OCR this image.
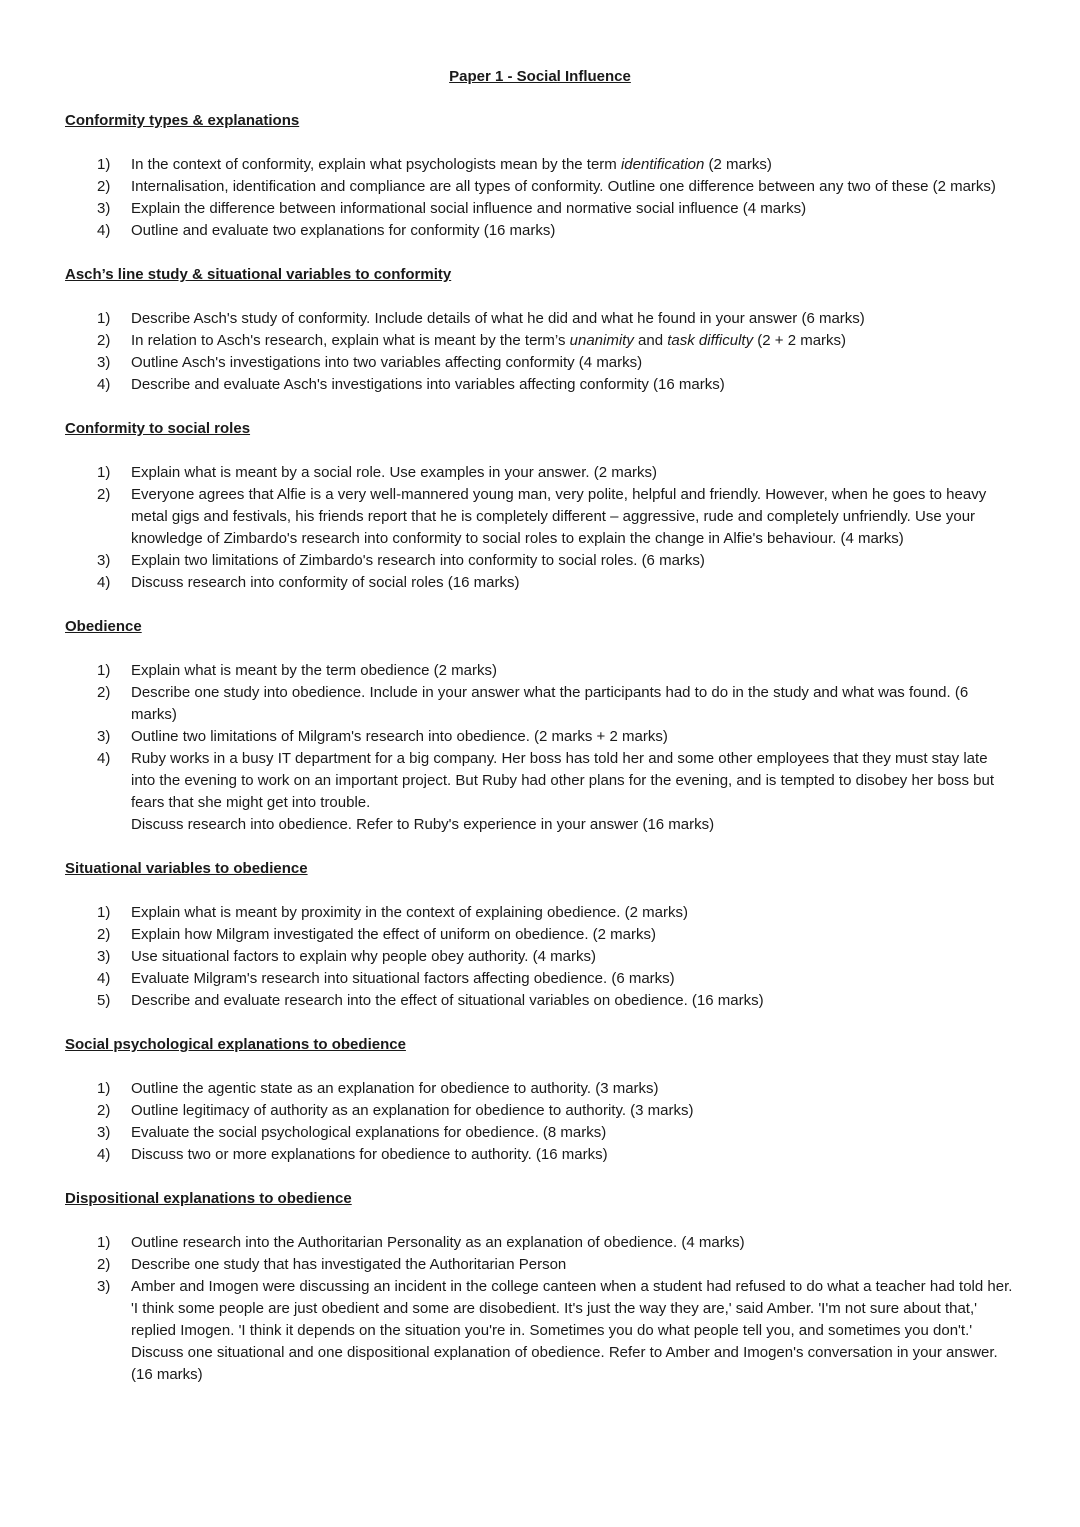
Paper 1 - Social Influence
Conformity types & explanations
1) In the context of conformity, explain what psychologists mean by the term identification (2 marks)
2) Internalisation, identification and compliance are all types of conformity. Outline one difference between any two of these (2 marks)
3) Explain the difference between informational social influence and normative social influence (4 marks)
4) Outline and evaluate two explanations for conformity (16 marks)
Asch’s line study & situational variables to conformity
1) Describe Asch's study of conformity. Include details of what he did and what he found in your answer (6 marks)
2) In relation to Asch's research, explain what is meant by the term’s unanimity and task difficulty (2 + 2 marks)
3) Outline Asch's investigations into two variables affecting conformity (4 marks)
4) Describe and evaluate Asch's investigations into variables affecting conformity (16 marks)
Conformity to social roles
1) Explain what is meant by a social role. Use examples in your answer. (2 marks)
2) Everyone agrees that Alfie is a very well-mannered young man, very polite, helpful and friendly. However, when he goes to heavy metal gigs and festivals, his friends report that he is completely different – aggressive, rude and completely unfriendly. Use your knowledge of Zimbardo's research into conformity to social roles to explain the change in Alfie's behaviour. (4 marks)
3) Explain two limitations of Zimbardo's research into conformity to social roles. (6 marks)
4) Discuss research into conformity of social roles (16 marks)
Obedience
1) Explain what is meant by the term obedience (2 marks)
2) Describe one study into obedience. Include in your answer what the participants had to do in the study and what was found. (6 marks)
3) Outline two limitations of Milgram's research into obedience. (2 marks + 2 marks)
4) Ruby works in a busy IT department for a big company. Her boss has told her and some other employees that they must stay late into the evening to work on an important project. But Ruby had other plans for the evening, and is tempted to disobey her boss but fears that she might get into trouble.
Discuss research into obedience. Refer to Ruby's experience in your answer (16 marks)
Situational variables to obedience
1) Explain what is meant by proximity in the context of explaining obedience. (2 marks)
2) Explain how Milgram investigated the effect of uniform on obedience. (2 marks)
3) Use situational factors to explain why people obey authority. (4 marks)
4) Evaluate Milgram's research into situational factors affecting obedience. (6 marks)
5) Describe and evaluate research into the effect of situational variables on obedience. (16 marks)
Social psychological explanations to obedience
1) Outline the agentic state as an explanation for obedience to authority. (3 marks)
2) Outline legitimacy of authority as an explanation for obedience to authority. (3 marks)
3) Evaluate the social psychological explanations for obedience. (8 marks)
4) Discuss two or more explanations for obedience to authority. (16 marks)
Dispositional explanations to obedience
1) Outline research into the Authoritarian Personality as an explanation of obedience. (4 marks)
2) Describe one study that has investigated the Authoritarian Person
3) Amber and Imogen were discussing an incident in the college canteen when a student had refused to do what a teacher had told her. 'I think some people are just obedient and some are disobedient. It's just the way they are,' said Amber. 'I'm not sure about that,' replied Imogen. 'I think it depends on the situation you're in. Sometimes you do what people tell you, and sometimes you don't.'
Discuss one situational and one dispositional explanation of obedience. Refer to Amber and Imogen's conversation in your answer. (16 marks)
